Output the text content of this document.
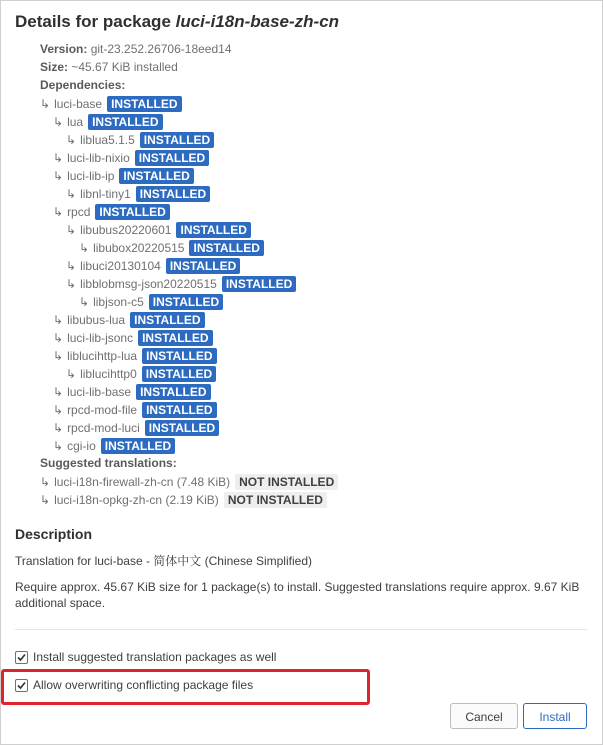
Details for package luci-i18n-base-zh-cn
Version: git-23.252.26706-18eed14
Size: ~45.67 KiB installed
Dependencies:
↳ luci-base INSTALLED
↳ lua INSTALLED
↳ liblua5.1.5 INSTALLED
↳ luci-lib-nixio INSTALLED
↳ luci-lib-ip INSTALLED
↳ libnl-tiny1 INSTALLED
↳ rpcd INSTALLED
↳ libubus20220601 INSTALLED
↳ libubox20220515 INSTALLED
↳ libuci20130104 INSTALLED
↳ libblobmsg-json20220515 INSTALLED
↳ libjson-c5 INSTALLED
↳ libubus-lua INSTALLED
↳ luci-lib-jsonc INSTALLED
↳ liblucihttp-lua INSTALLED
↳ liblucihttp0 INSTALLED
↳ luci-lib-base INSTALLED
↳ rpcd-mod-file INSTALLED
↳ rpcd-mod-luci INSTALLED
↳ cgi-io INSTALLED
Suggested translations:
↳ luci-i18n-firewall-zh-cn (7.48 KiB) NOT INSTALLED
↳ luci-i18n-opkg-zh-cn (2.19 KiB) NOT INSTALLED
Description
Translation for luci-base - 简体中文 (Chinese Simplified)
Require approx. 45.67 KiB size for 1 package(s) to install. Suggested translations require approx. 9.67 KiB additional space.
Install suggested translation packages as well
Allow overwriting conflicting package files
Cancel	Install
